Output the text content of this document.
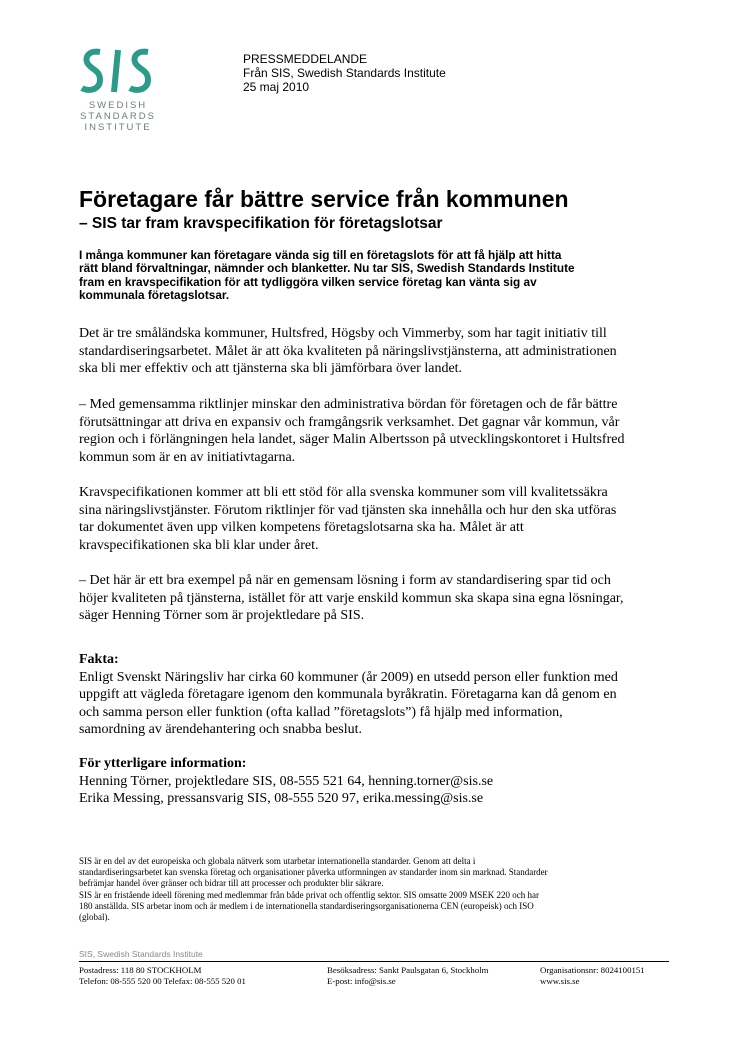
SWEDISH
STANDARDS
INSTITUTE
PRESSMEDDELANDE
Från SIS, Swedish Standards Institute
25 maj 2010
Företagare får bättre service från kommunen
– SIS tar fram kravspecifikation för företagslotsar
I många kommuner kan företagare vända sig till en företagslots för att få hjälp att hitta
rätt bland förvaltningar, nämnder och blanketter. Nu tar SIS, Swedish Standards Institute
fram en kravspecifikation för att tydliggöra vilken service företag kan vänta sig av
kommunala företagslotsar.
Det är tre småländska kommuner, Hultsfred, Högsby och Vimmerby, som har tagit initiativ till
standardiseringsarbetet. Målet är att öka kvaliteten på näringslivstjänsterna, att administrationen
ska bli mer effektiv och att tjänsterna ska bli jämförbara över landet.
– Med gemensamma riktlinjer minskar den administrativa bördan för företagen och de får bättre
förutsättningar att driva en expansiv och framgångsrik verksamhet. Det gagnar vår kommun, vår
region och i förlängningen hela landet, säger Malin Albertsson på utvecklingskontoret i Hultsfred
kommun som är en av initiativtagarna.
Kravspecifikationen kommer att bli ett stöd för alla svenska kommuner som vill kvalitetssäkra
sina näringslivstjänster. Förutom riktlinjer för vad tjänsten ska innehålla och hur den ska utföras
tar dokumentet även upp vilken kompetens företagslotsarna ska ha. Målet är att
kravspecifikationen ska bli klar under året.
– Det här är ett bra exempel på när en gemensam lösning i form av standardisering spar tid och
höjer kvaliteten på tjänsterna, istället för att varje enskild kommun ska skapa sina egna lösningar,
säger Henning Törner som är projektledare på SIS.
Fakta:
Enligt Svenskt Näringsliv har cirka 60 kommuner (år 2009) en utsedd person eller funktion med
uppgift att vägleda företagare igenom den kommunala byråkratin. Företagarna kan då genom en
och samma person eller funktion (ofta kallad ”företagslots”) få hjälp med information,
samordning av ärendehantering och snabba beslut.
För ytterligare information:
Henning Törner, projektledare SIS, 08-555 521 64, henning.torner@sis.se
Erika Messing, pressansvarig SIS, 08-555 520 97, erika.messing@sis.se
SIS är en del av det europeiska och globala nätverk som utarbetar internationella standarder. Genom att delta i
standardiseringsarbetet kan svenska företag och organisationer påverka utformningen av standarder inom sin marknad. Standarder
befrämjar handel över gränser och bidrar till att processer och produkter blir säkrare.
SIS är en fristående ideell förening med medlemmar från både privat och offentlig sektor. SIS omsatte 2009 MSEK 220 och har
180 anställda. SIS arbetar inom och är medlem i de internationella standardiseringsorganisationerna CEN (europeisk) och ISO
(global).
SIS, Swedish Standards Institute
Postadress: 118 80 STOCKHOLM
Telefon: 08-555 520 00 Telefax: 08-555 520 01
Besöksadress: Sankt Paulsgatan 6, Stockholm
E-post: info@sis.se
Organisationsnr: 8024100151
www.sis.se
